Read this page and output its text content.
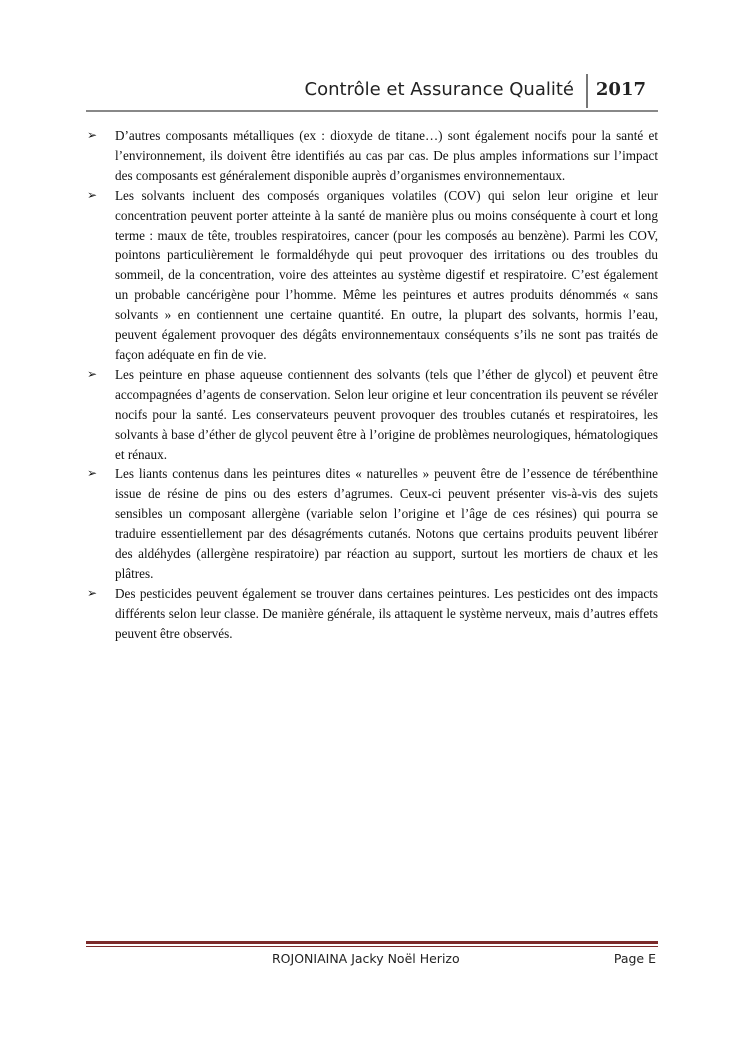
Contrôle et Assurance Qualité 2017
➢ D’autres composants métalliques (ex : dioxyde de titane…) sont également nocifs pour la santé et l’environnement, ils doivent être identifiés au cas par cas. De plus amples informations sur l’impact des composants est généralement disponible auprès d’organismes environnementaux.
➢ Les solvants incluent des composés organiques volatiles (COV) qui selon leur origine et leur concentration peuvent porter atteinte à la santé de manière plus ou moins conséquente à court et long terme : maux de tête, troubles respiratoires, cancer (pour les composés au benzène). Parmi les COV, pointons particulièrement le formaldéhyde qui peut provoquer des irritations ou des troubles du sommeil, de la concentration, voire des atteintes au système digestif et respiratoire. C’est également un probable cancérigène pour l’homme. Même les peintures et autres produits dénommés « sans solvants » en contiennent une certaine quantité. En outre, la plupart des solvants, hormis l’eau, peuvent également provoquer des dégâts environnementaux conséquents s’ils ne sont pas traités de façon adéquate en fin de vie.
➢ Les peinture en phase aqueuse contiennent des solvants (tels que l’éther de glycol) et peuvent être accompagnées d’agents de conservation. Selon leur origine et leur concentration ils peuvent se révéler nocifs pour la santé. Les conservateurs peuvent provoquer des troubles cutanés et respiratoires, les solvants à base d’éther de glycol peuvent être à l’origine de problèmes neurologiques, hématologiques et rénaux.
➢ Les liants contenus dans les peintures dites « naturelles » peuvent être de l’essence de térébenthine issue de résine de pins ou des esters d’agrumes. Ceux-ci peuvent présenter vis-à-vis des sujets sensibles un composant allergène (variable selon l’origine et l’âge de ces résines) qui pourra se traduire essentiellement par des désagréments cutanés. Notons que certains produits peuvent libérer des aldéhydes (allergène respiratoire) par réaction au support, surtout les mortiers de chaux et les plâtres.
➢ Des pesticides peuvent également se trouver dans certaines peintures. Les pesticides ont des impacts différents selon leur classe. De manière générale, ils attaquent le système nerveux, mais d’autres effets peuvent être observés.
ROJONIAINA Jacky Noël Herizo	Page E
